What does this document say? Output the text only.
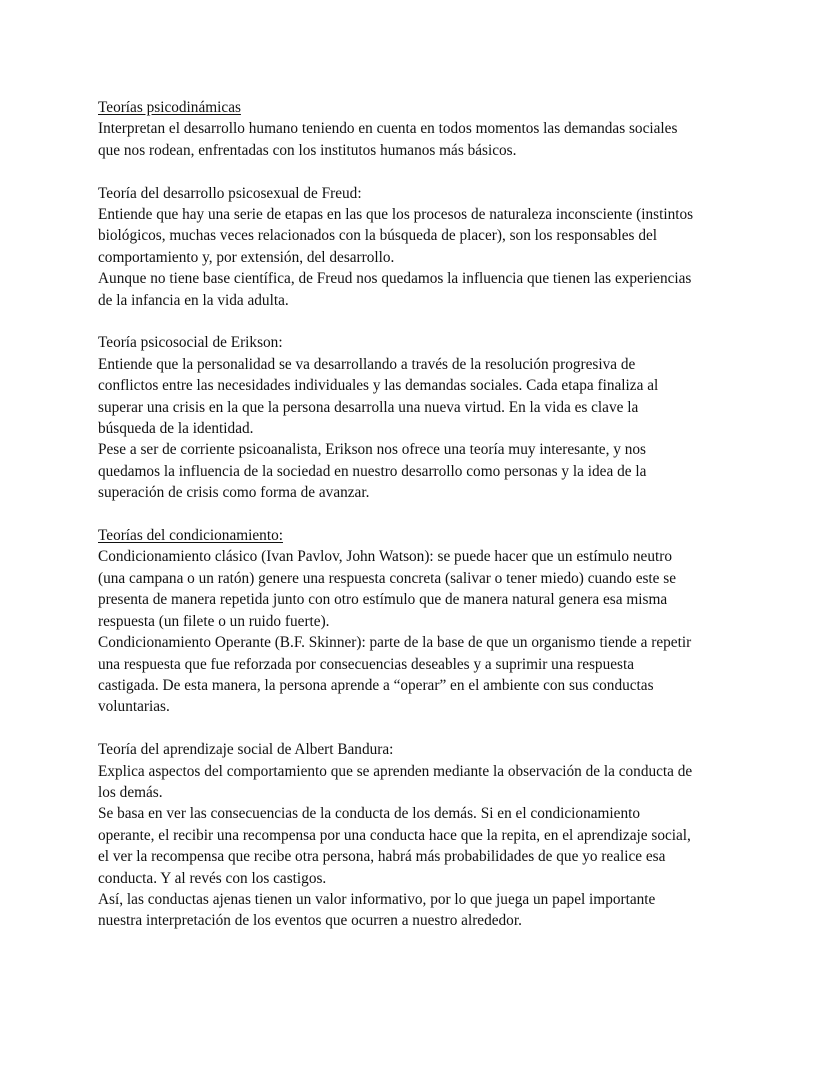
Teorías psicodinámicas

Interpretan el desarrollo humano teniendo en cuenta en todos momentos las demandas sociales
que nos rodean, enfrentadas con los institutos humanos más básicos.

Teoría del desarrollo psicosexual de Freud:

Entiende que hay una serie de etapas en las que los procesos de naturaleza inconsciente (instintos
biológicos, muchas veces relacionados con la búsqueda de placer), son los responsables del
comportamiento y, por extensión, del desarrollo.

Aunque no tiene base científica, de Freud nos quedamos la influencia que tienen las experiencias
de la infancia en la vida adulta.

Teoría psicosocial de Erikson:

Entiende que la personalidad se va desarrollando a través de la resolución progresiva de
conflictos entre las necesidades individuales y las demandas sociales. Cada etapa finaliza al
superar una crisis en la que la persona desarrolla una nueva virtud. En la vida es clave la
búsqueda de la identidad.

Pese a ser de corriente psicoanalista, Erikson nos ofrece una teoría muy interesante, y nos
quedamos la influencia de la sociedad en nuestro desarrollo como personas y la idea de la
superación de crisis como forma de avanzar.

Teorías del condicionamiento:

Condicionamiento clásico (Ivan Pavlov, John Watson): se puede hacer que un estímulo neutro
(una campana o un ratón) genere una respuesta concreta (salivar o tener miedo) cuando este se
presenta de manera repetida junto con otro estímulo que de manera natural genera esa misma
respuesta (un filete o un ruido fuerte).

Condicionamiento Operante (B.F. Skinner): parte de la base de que un organismo tiende a repetir
una respuesta que fue reforzada por consecuencias deseables y a suprimir una respuesta
castigada. De esta manera, la persona aprende a “operar” en el ambiente con sus conductas
voluntarias.

Teoría del aprendizaje social de Albert Bandura:

Explica aspectos del comportamiento que se aprenden mediante la observación de la conducta de
los demás.

Se basa en ver las consecuencias de la conducta de los demás. Si en el condicionamiento
operante, el recibir una recompensa por una conducta hace que la repita, en el aprendizaje social,
el ver la recompensa que recibe otra persona, habrá más probabilidades de que yo realice esa
conducta. Y al revés con los castigos.

Así, las conductas ajenas tienen un valor informativo, por lo que juega un papel importante
nuestra interpretación de los eventos que ocurren a nuestro alrededor.
